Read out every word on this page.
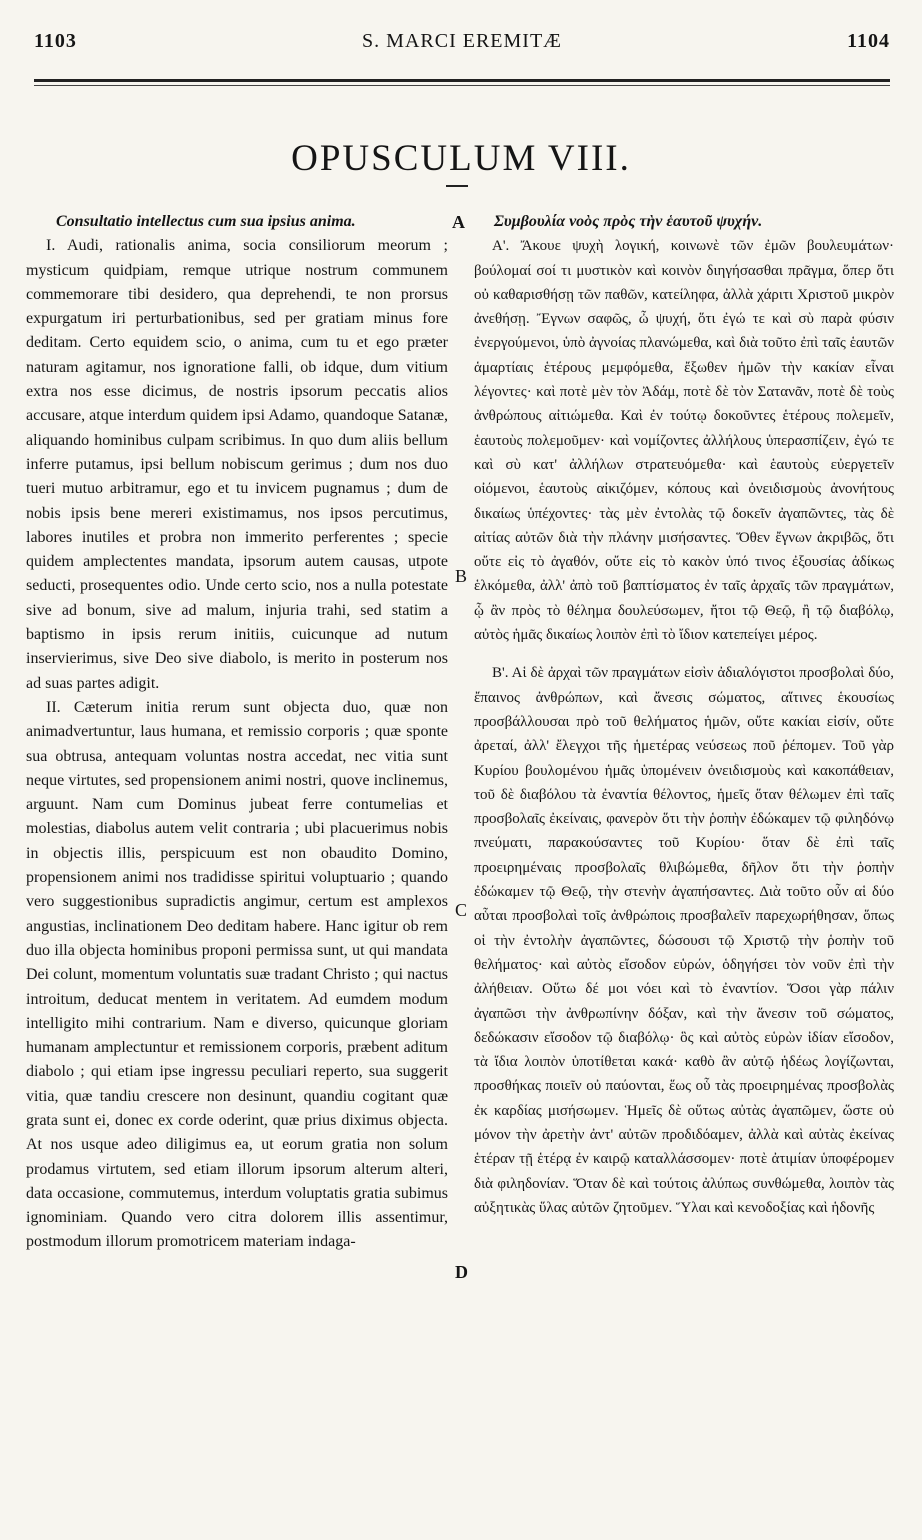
S. MARCI EREMITÆ
1103	1104
OPUSCULUM VIII.
Consultatio intellectus cum sua ipsius anima.

I. Audi, rationalis anima, socia consiliorum meorum ; mysticum quidpiam, remque utrique nostrum communem commemorare tibi desidero, qua deprehendi, te non prorsus expurgatum iri perturbationibus, sed per gratiam minus fore deditam. Certo equidem scio, o anima, cum tu et ego præter naturam agitamur, nos ignoratione falli, ob idque, dum vitium extra nos esse dicimus, de nostris ipsorum peccatis alios accusare, atque interdum quidem ipsi Adamo, quandoque Satanæ, aliquando hominibus culpam scribimus. In quo dum aliis bellum inferre putamus, ipsi bellum nobiscum gerimus ; dum nos duo tueri mutuo arbitramur, ego et tu invicem pugnamus ; dum de nobis ipsis bene mereri existimamus, nos ipsos percutimus, labores inutiles et probra non immerito perferentes ; specie quidem amplectentes mandata, ipsorum autem causas, utpote seducti, prosequentes odio. Unde certo scio, nos a nulla potestate sive ad bonum, sive ad malum, injuria trahi, sed statim a baptismo in ipsis rerum initiis, cuicunque ad nutum inservierimus, sive Deo sive diabolo, is merito in posterum nos ad suas partes adigit.

II. Cæterum initia rerum sunt objecta duo, quæ non animadvertuntur, laus humana, et remissio corporis ; quæ sponte sua obtrusa, antequam voluntas nostra accedat, nec vitia sunt neque virtutes, sed propensionem animi nostri, quove inclinemus, arguunt. Nam cum Dominus jubeat ferre contumelias et molestias, diabolus autem velit contraria ; ubi placuerimus nobis in objectis illis, perspicuum est non obaudito Domino, propensionem animi nos tradidisse spiritui voluptuario ; quando vero suggestionibus supradictis angimur, certum est amplexos angustias, inclinationem Deo deditam habere. Hanc igitur ob rem duo illa objecta hominibus proponi permissa sunt, ut qui mandata Dei colunt, momentum voluntatis suæ tradant Christo ; qui nactus introitum, deducat mentem in veritatem. Ad eumdem modum intelligito mihi contrarium. Nam e diverso, quicunque gloriam humanam amplectuntur et remissionem corporis, præbent aditum diabolo ; qui etiam ipse ingressu peculiari reperto, sua suggerit vitia, quæ tandiu crescere non desinunt, quandiu cogitant quæ grata sunt ei, donec ex corde oderint, quæ prius diximus objecta. At nos usque adeo diligimus ea, ut eorum gratia non solum prodamus virtutem, sed etiam illorum ipsorum alterum alteri, data occasione, commutemus, interdum voluptatis gratia subimus ignominiam. Quando vero citra dolorem illis assentimur, postmodum illorum promotricem materiam indaga-

A
B
C
D
Συμβουλία νοὸς πρὸς τὴν ἑαυτοῦ ψυχήν.

Α'. Ἄκουε ψυχὴ λογική, κοινωνὲ τῶν ἐμῶν βουλευμάτων· βούλομαί σοί τι μυστικὸν καὶ κοινὸν διηγήσασθαι πρᾶγμα, ὅπερ ὅτι οὐ καθαρισθήσῃ τῶν παθῶν, κατείληφα, ἀλλὰ χάριτι Χριστοῦ μικρὸν ἀνεθήσῃ. Ἔγνων σαφῶς, ὦ ψυχή, ὅτι ἐγώ τε καὶ σὺ παρὰ φύσιν ἐνεργούμενοι, ὑπὸ ἀγνοίας πλανώμεθα, καὶ διὰ τοῦτο ἐπὶ ταῖς ἑαυτῶν ἁμαρτίαις ἑτέρους μεμφόμεθα, ἔξωθεν ἡμῶν τὴν κακίαν εἶναι λέγοντες· καὶ ποτὲ μὲν τὸν Ἀδάμ, ποτὲ δὲ τὸν Σατανᾶν, ποτὲ δὲ τοὺς ἀνθρώπους αἰτιώμεθα. Καὶ ἐν τούτῳ δοκοῦντες ἑτέρους πολεμεῖν, ἑαυτοὺς πολεμοῦμεν· καὶ νομίζοντες ἀλλήλους ὑπερασπίζειν, ἐγώ τε καὶ σὺ κατ' ἀλλήλων στρατευόμεθα· καὶ ἑαυτοὺς εὐεργετεῖν οἰόμενοι, ἑαυτοὺς αἰκιζόμεν, κόπους καὶ ὀνειδισμοὺς ἀνονήτους δικαίως ὑπέχοντες· τὰς μὲν ἐντολὰς τῷ δοκεῖν ἀγαπῶντες, τὰς δὲ αἰτίας αὐτῶν διὰ τὴν πλάνην μισήσαντες. Ὅθεν ἔγνων ἀκριβῶς, ὅτι οὔτε εἰς τὸ ἀγαθόν, οὔτε εἰς τὸ κακὸν ὑπό τινος ἐξουσίας ἀδίκως ἑλκόμεθα, ἀλλ' ἀπὸ τοῦ βαπτίσματος ἐν ταῖς ἀρχαῖς τῶν πραγμάτων, ᾧ ἂν πρὸς τὸ θέλημα δουλεύσωμεν, ἤτοι τῷ Θεῷ, ἢ τῷ διαβόλῳ, αὐτὸς ἡμᾶς δικαίως λοιπὸν ἐπὶ τὸ ἴδιον κατεπείγει μέρος.

Β'. Αἱ δὲ ἀρχαὶ τῶν πραγμάτων εἰσὶν ἀδιαλόγιστοι προσβολαὶ δύο, ἔπαινος ἀνθρώπων, καὶ ἄνεσις σώματος, αἵτινες ἑκουσίως προσβάλλουσαι πρὸ τοῦ θελήματος ἡμῶν, οὔτε κακίαι εἰσίν, οὔτε ἀρεταί, ἀλλ' ἔλεγχοι τῆς ἡμετέρας νεύσεως ποῦ ῥέπομεν. Τοῦ γὰρ Κυρίου βουλομένου ἡμᾶς ὑπομένειν ὀνειδισμοὺς καὶ κακοπάθειαν, τοῦ δὲ διαβόλου τὰ ἐναντία θέλοντος, ἡμεῖς ὅταν θέλωμεν ἐπὶ ταῖς προσβολαῖς ἐκείναις, φανερὸν ὅτι τὴν ῥοπὴν ἐδώκαμεν τῷ φιληδόνῳ πνεύματι, παρακούσαντες τοῦ Κυρίου· ὅταν δὲ ἐπὶ ταῖς προειρημέναις προσβολαῖς θλιβώμεθα, δῆλον ὅτι τὴν ῥοπὴν ἐδώκαμεν τῷ Θεῷ, τὴν στενὴν ἀγαπήσαντες. Διὰ τοῦτο οὖν αἱ δύο αὗται προσβολαὶ τοῖς ἀνθρώποις προσβαλεῖν παρεχωρήθησαν, ὅπως οἱ τὴν ἐντολὴν ἀγαπῶντες, δώσουσι τῷ Χριστῷ τὴν ῥοπὴν τοῦ θελήματος· καὶ αὐτὸς εἴσοδον εὑρών, ὁδηγήσει τὸν νοῦν ἐπὶ τὴν ἀλήθειαν. Οὕτω δέ μοι νόει καὶ τὸ ἐναντίον. Ὅσοι γὰρ πάλιν ἀγαπῶσι τὴν ἀνθρωπίνην δόξαν, καὶ τὴν ἄνεσιν τοῦ σώματος, δεδώκασιν εἴσοδον τῷ διαβόλῳ· ὃς καὶ αὐτὸς εὑρὼν ἰδίαν εἴσοδον, τὰ ἴδια λοιπὸν ὑποτίθεται κακά· καθὸ ἂν αὐτῷ ἡδέως λογίζωνται, προσθήκας ποιεῖν οὐ παύονται, ἕως οὗ τὰς προειρημένας προσβολὰς ἐκ καρδίας μισήσωμεν. Ἡμεῖς δὲ οὕτως αὐτὰς ἀγαπῶμεν, ὥστε οὐ μόνον τὴν ἀρετὴν ἀντ' αὐτῶν προδιδόαμεν, ἀλλὰ καὶ αὐτὰς ἐκείνας ἑτέραν τῇ ἑτέρᾳ ἐν καιρῷ καταλλάσσομεν· ποτὲ ἀτιμίαν ὑποφέρομεν διὰ φιληδονίαν. Ὅταν δὲ καὶ τούτοις ἀλύπως συνθώμεθα, λοιπὸν τὰς αὐξητικὰς ὕλας αὐτῶν ζητοῦμεν. Ὕλαι καὶ κενοδοξίας καὶ ἡδονῆς
